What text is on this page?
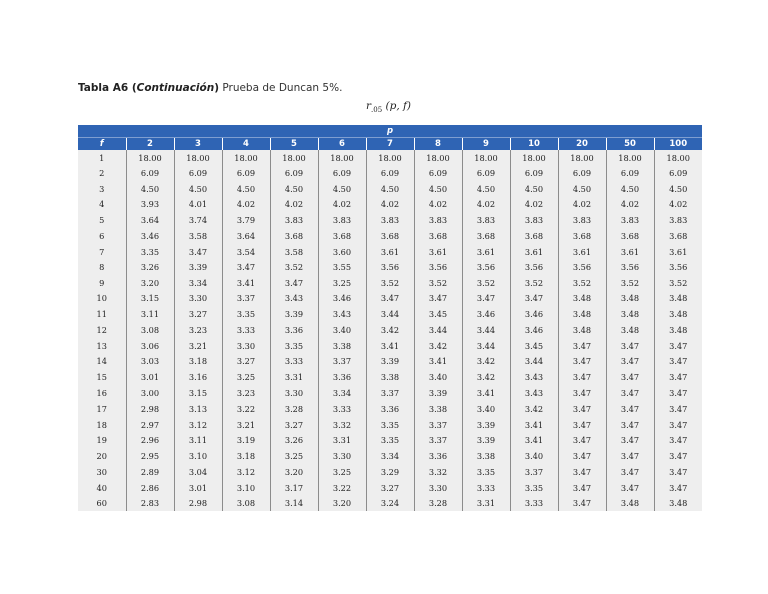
Tabla A6 (Continuación) Prueba de Duncan 5%.
$r_{.05}$ (p, f)
p												
f	2	3	4	5	6	7	8	9	10	20	50	100
1	18.00	18.00	18.00	18.00	18.00	18.00	18.00	18.00	18.00	18.00	18.00	18.00
2	6.09	6.09	6.09	6.09	6.09	6.09	6.09	6.09	6.09	6.09	6.09	6.09
3	4.50	4.50	4.50	4.50	4.50	4.50	4.50	4.50	4.50	4.50	4.50	4.50
4	3.93	4.01	4.02	4.02	4.02	4.02	4.02	4.02	4.02	4.02	4.02	4.02
5	3.64	3.74	3.79	3.83	3.83	3.83	3.83	3.83	3.83	3.83	3.83	3.83
6	3.46	3.58	3.64	3.68	3.68	3.68	3.68	3.68	3.68	3.68	3.68	3.68
7	3.35	3.47	3.54	3.58	3.60	3.61	3.61	3.61	3.61	3.61	3.61	3.61
8	3.26	3.39	3.47	3.52	3.55	3.56	3.56	3.56	3.56	3.56	3.56	3.56
9	3.20	3.34	3.41	3.47	3.25	3.52	3.52	3.52	3.52	3.52	3.52	3.52
10	3.15	3.30	3.37	3.43	3.46	3.47	3.47	3.47	3.47	3.48	3.48	3.48
11	3.11	3.27	3.35	3.39	3.43	3.44	3.45	3.46	3.46	3.48	3.48	3.48
12	3.08	3.23	3.33	3.36	3.40	3.42	3.44	3.44	3.46	3.48	3.48	3.48
13	3.06	3.21	3.30	3.35	3.38	3.41	3.42	3.44	3.45	3.47	3.47	3.47
14	3.03	3.18	3.27	3.33	3.37	3.39	3.41	3.42	3.44	3.47	3.47	3.47
15	3.01	3.16	3.25	3.31	3.36	3.38	3.40	3.42	3.43	3.47	3.47	3.47
16	3.00	3.15	3.23	3.30	3.34	3.37	3.39	3.41	3.43	3.47	3.47	3.47
17	2.98	3.13	3.22	3.28	3.33	3.36	3.38	3.40	3.42	3.47	3.47	3.47
18	2.97	3.12	3.21	3.27	3.32	3.35	3.37	3.39	3.41	3.47	3.47	3.47
19	2.96	3.11	3.19	3.26	3.31	3.35	3.37	3.39	3.41	3.47	3.47	3.47
20	2.95	3.10	3.18	3.25	3.30	3.34	3.36	3.38	3.40	3.47	3.47	3.47
30	2.89	3.04	3.12	3.20	3.25	3.29	3.32	3.35	3.37	3.47	3.47	3.47
40	2.86	3.01	3.10	3.17	3.22	3.27	3.30	3.33	3.35	3.47	3.47	3.47
60	2.83	2.98	3.08	3.14	3.20	3.24	3.28	3.31	3.33	3.47	3.48	3.48
